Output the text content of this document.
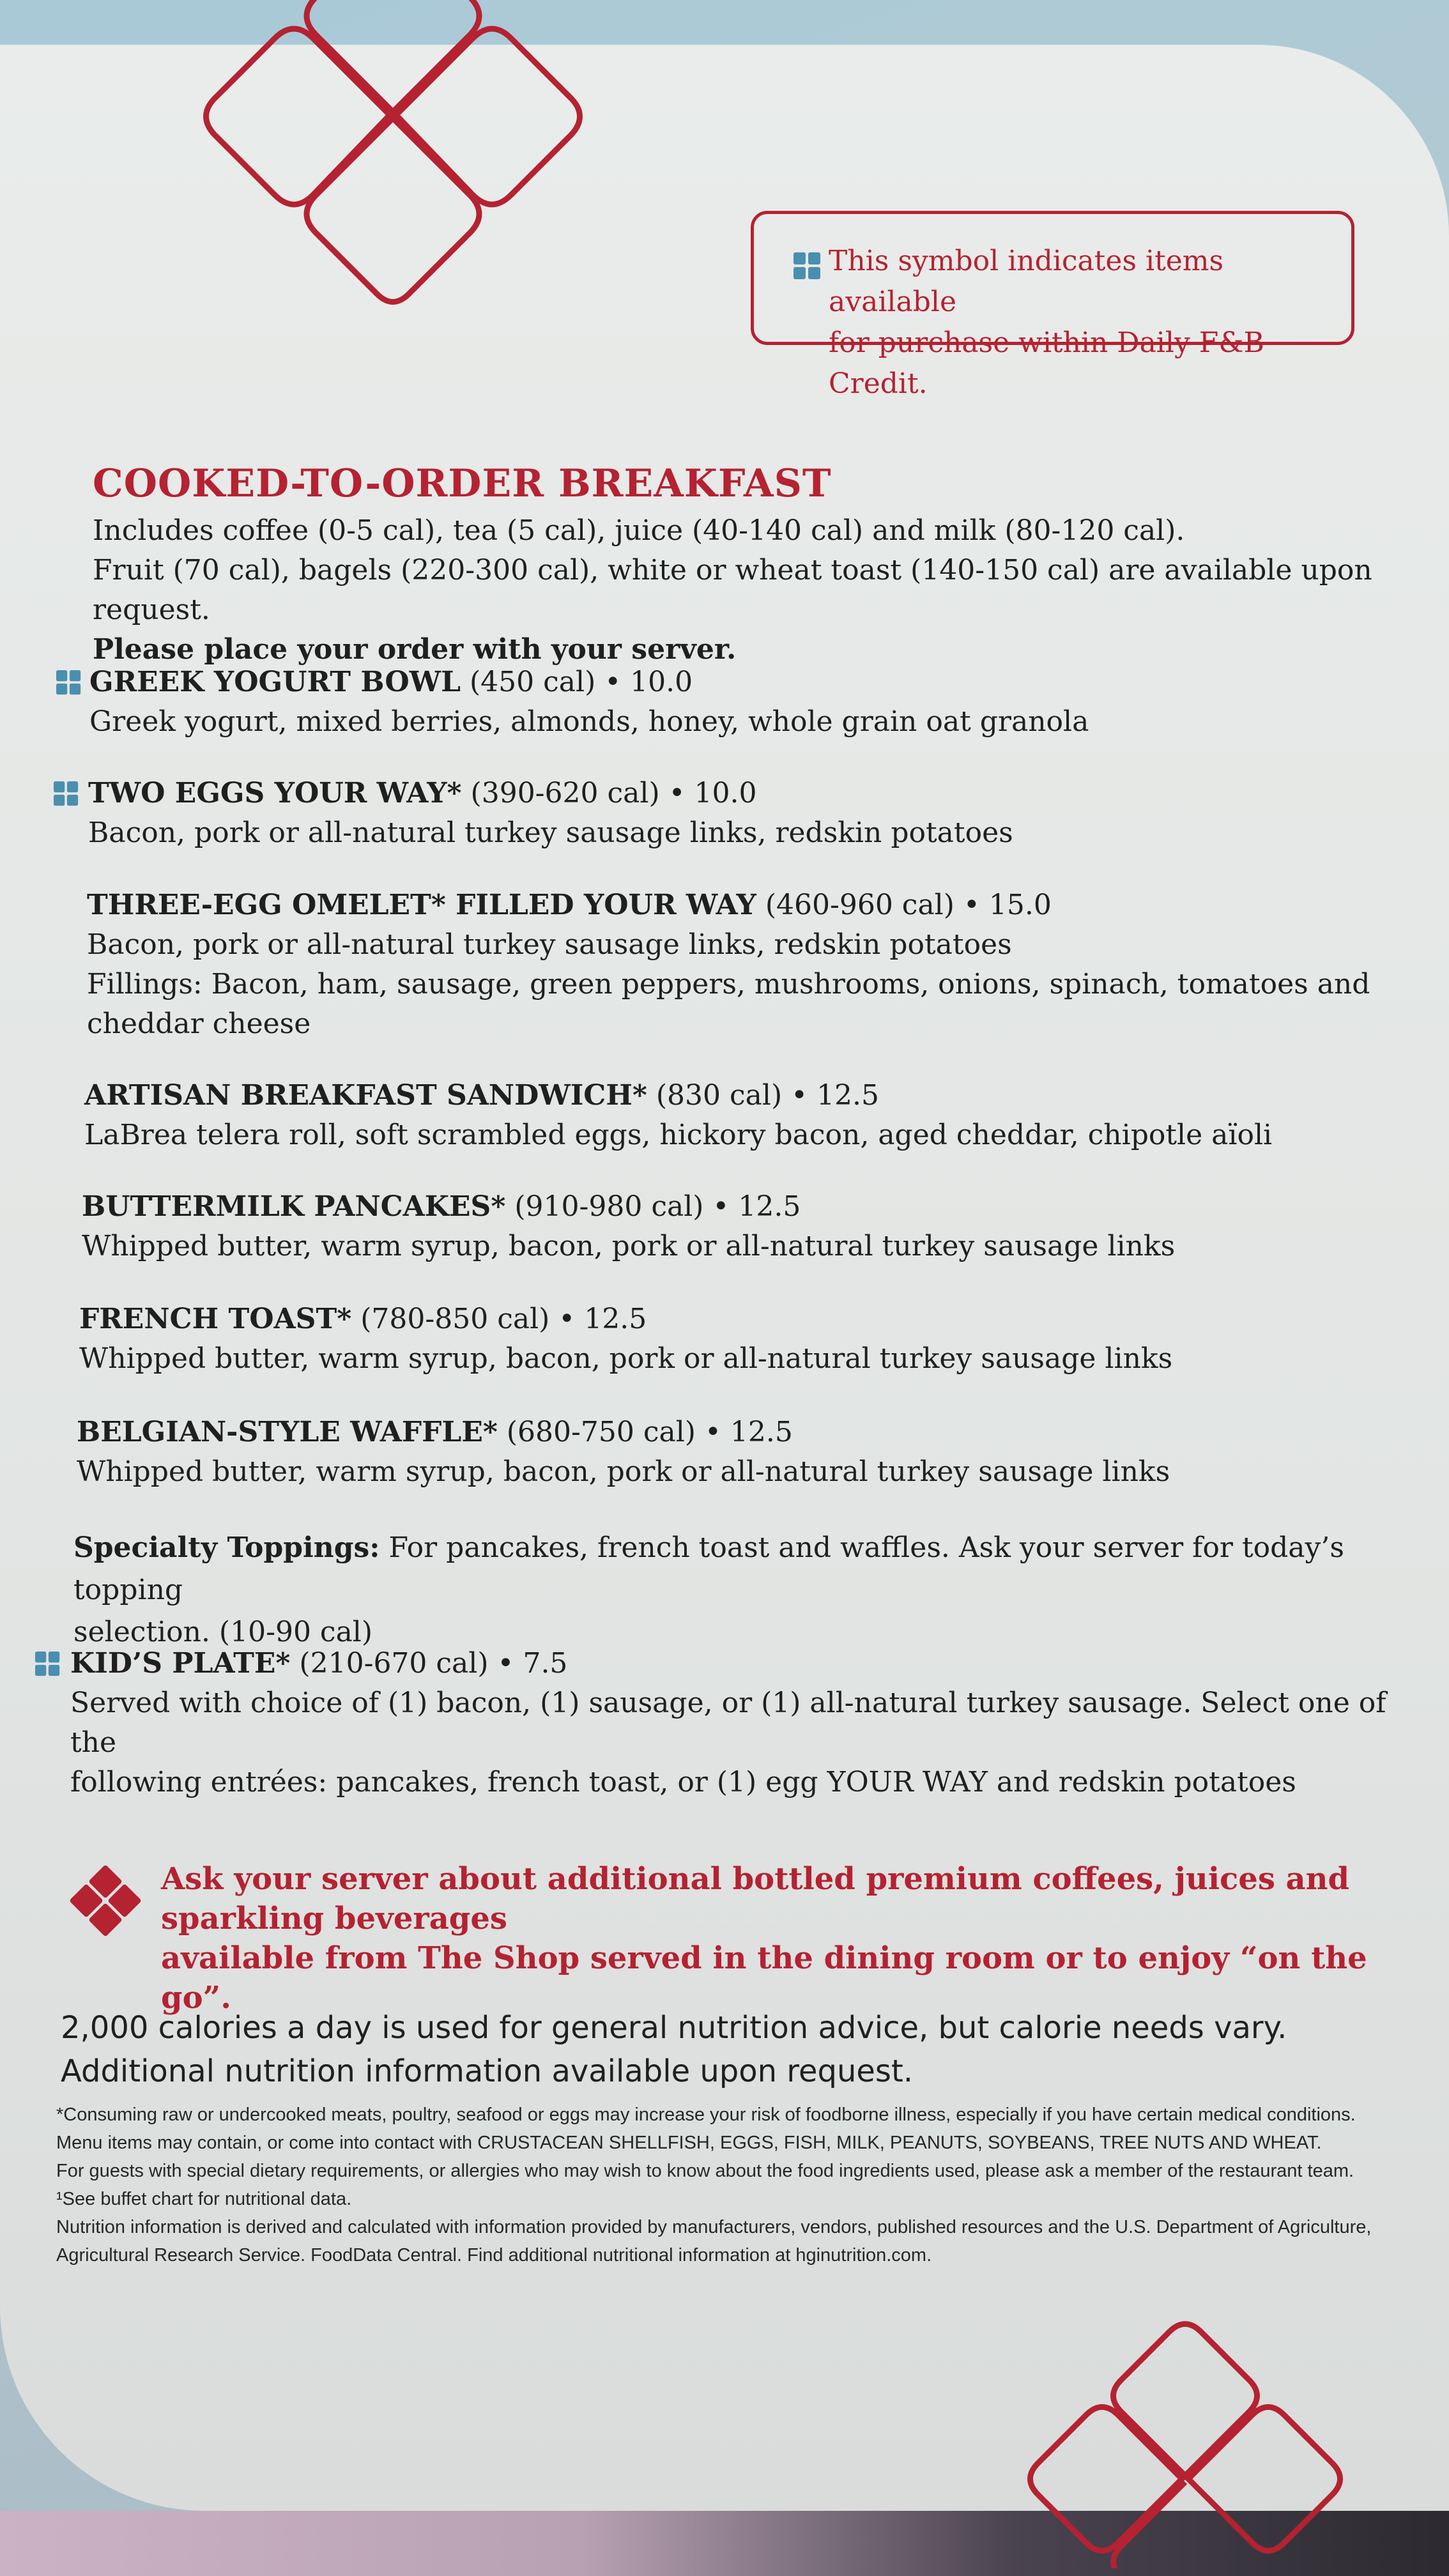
This symbol indicates items available
for purchase within Daily F&B Credit.
COOKED-TO-ORDER BREAKFAST
Includes coffee (0-5 cal), tea (5 cal), juice (40-140 cal) and milk (80-120 cal).
Fruit (70 cal), bagels (220-300 cal), white or wheat toast (140-150 cal) are available upon request.
Please place your order with your server.
GREEK YOGURT BOWL (450 cal) • 10.0
Greek yogurt, mixed berries, almonds, honey, whole grain oat granola
TWO EGGS YOUR WAY* (390-620 cal) • 10.0
Bacon, pork or all-natural turkey sausage links, redskin potatoes
THREE-EGG OMELET* FILLED YOUR WAY (460-960 cal) • 15.0
Bacon, pork or all-natural turkey sausage links, redskin potatoes
Fillings: Bacon, ham, sausage, green peppers, mushrooms, onions, spinach, tomatoes and
cheddar cheese
ARTISAN BREAKFAST SANDWICH* (830 cal) • 12.5
LaBrea telera roll, soft scrambled eggs, hickory bacon, aged cheddar, chipotle aïoli
BUTTERMILK PANCAKES* (910-980 cal) • 12.5
Whipped butter, warm syrup, bacon, pork or all-natural turkey sausage links
FRENCH TOAST* (780-850 cal) • 12.5
Whipped butter, warm syrup, bacon, pork or all-natural turkey sausage links
BELGIAN-STYLE WAFFLE* (680-750 cal) • 12.5
Whipped butter, warm syrup, bacon, pork or all-natural turkey sausage links
Specialty Toppings: For pancakes, french toast and waffles. Ask your server for today’s topping
selection. (10-90 cal)
KID’S PLATE* (210-670 cal) • 7.5
Served with choice of (1) bacon, (1) sausage, or (1) all-natural turkey sausage. Select one of the
following entrées: pancakes, french toast, or (1) egg YOUR WAY and redskin potatoes
Ask your server about additional bottled premium coffees, juices and sparkling beverages
available from The Shop served in the dining room or to enjoy “on the go”.
2,000 calories a day is used for general nutrition advice, but calorie needs vary.
Additional nutrition information available upon request.
*Consuming raw or undercooked meats, poultry, seafood or eggs may increase your risk of foodborne illness, especially if you have certain medical conditions.
Menu items may contain, or come into contact with CRUSTACEAN SHELLFISH, EGGS, FISH, MILK, PEANUTS, SOYBEANS, TREE NUTS AND WHEAT.
For guests with special dietary requirements, or allergies who may wish to know about the food ingredients used, please ask a member of the restaurant team.
¹See buffet chart for nutritional data.
Nutrition information is derived and calculated with information provided by manufacturers, vendors, published resources and the U.S. Department of Agriculture,
Agricultural Research Service. FoodData Central. Find additional nutritional information at hginutrition.com.
